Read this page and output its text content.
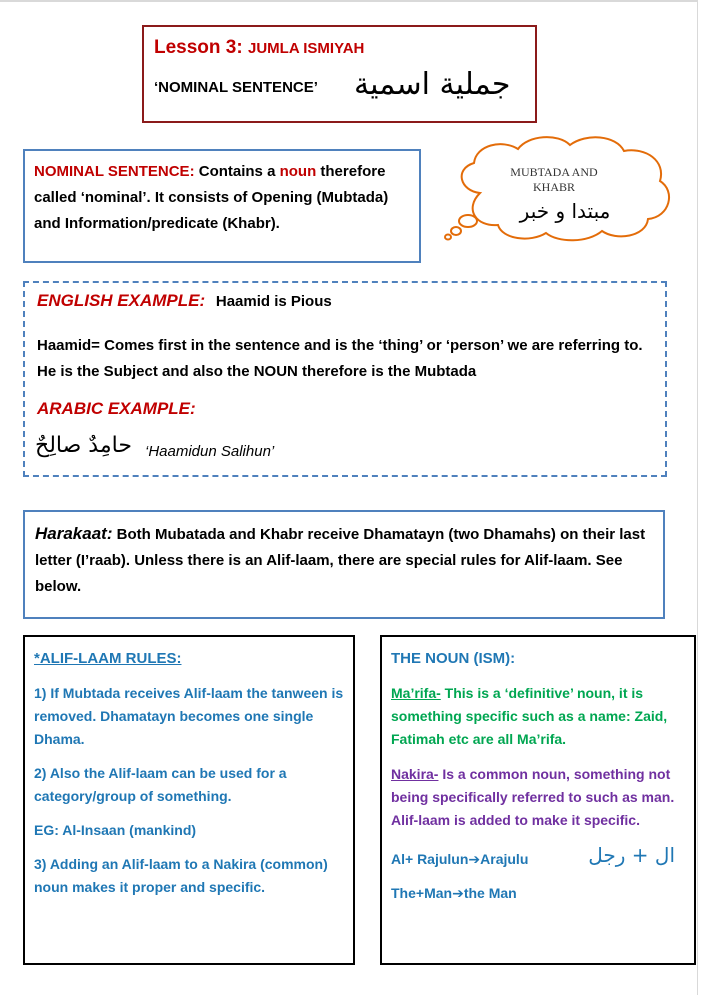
Lesson 3: JUMLA ISMIYAH
‘NOMINAL SENTENCE’ جملية اسمية
NOMINAL SENTENCE: Contains a noun therefore called ‘nominal’. It consists of Opening (Mubtada) and Information/predicate (Khabr).
MUBTADA AND KHABR
مبتدا و خبر
ENGLISH EXAMPLE: Haamid is Pious
Haamid= Comes first in the sentence and is the ‘thing’ or ‘person’ we are referring to. He is the Subject and also the NOUN therefore is the Mubtada
ARABIC EXAMPLE:
حامِدٌ صالِحٌ ‘Haamidun Salihun’
Harakaat: Both Mubatada and Khabr receive Dhamatayn (two Dhamahs) on their last letter (I’raab). Unless there is an Alif-laam, there are special rules for Alif-laam. See below.
*ALIF-LAAM RULES:

1) If Mubtada receives Alif-laam the tanween is removed. Dhamatayn becomes one single Dhama.

2) Also the Alif-laam can be used for a category/group of something.

EG: Al-Insaan (mankind)

3) Adding an Alif-laam to a Nakira (common) noun makes it proper and specific.

THE NOUN (ISM):

Ma’rifa- This is a ‘definitive’ noun, it is something specific such as a name: Zaid, Fatimah etc are all Ma’rifa.

Nakira- Is a common noun, something not being specifically referred to such as man. Alif-laam is added to make it specific.

Al+ Rajulun➔Arajulu	ال + رجل
The+Man➔the Man
